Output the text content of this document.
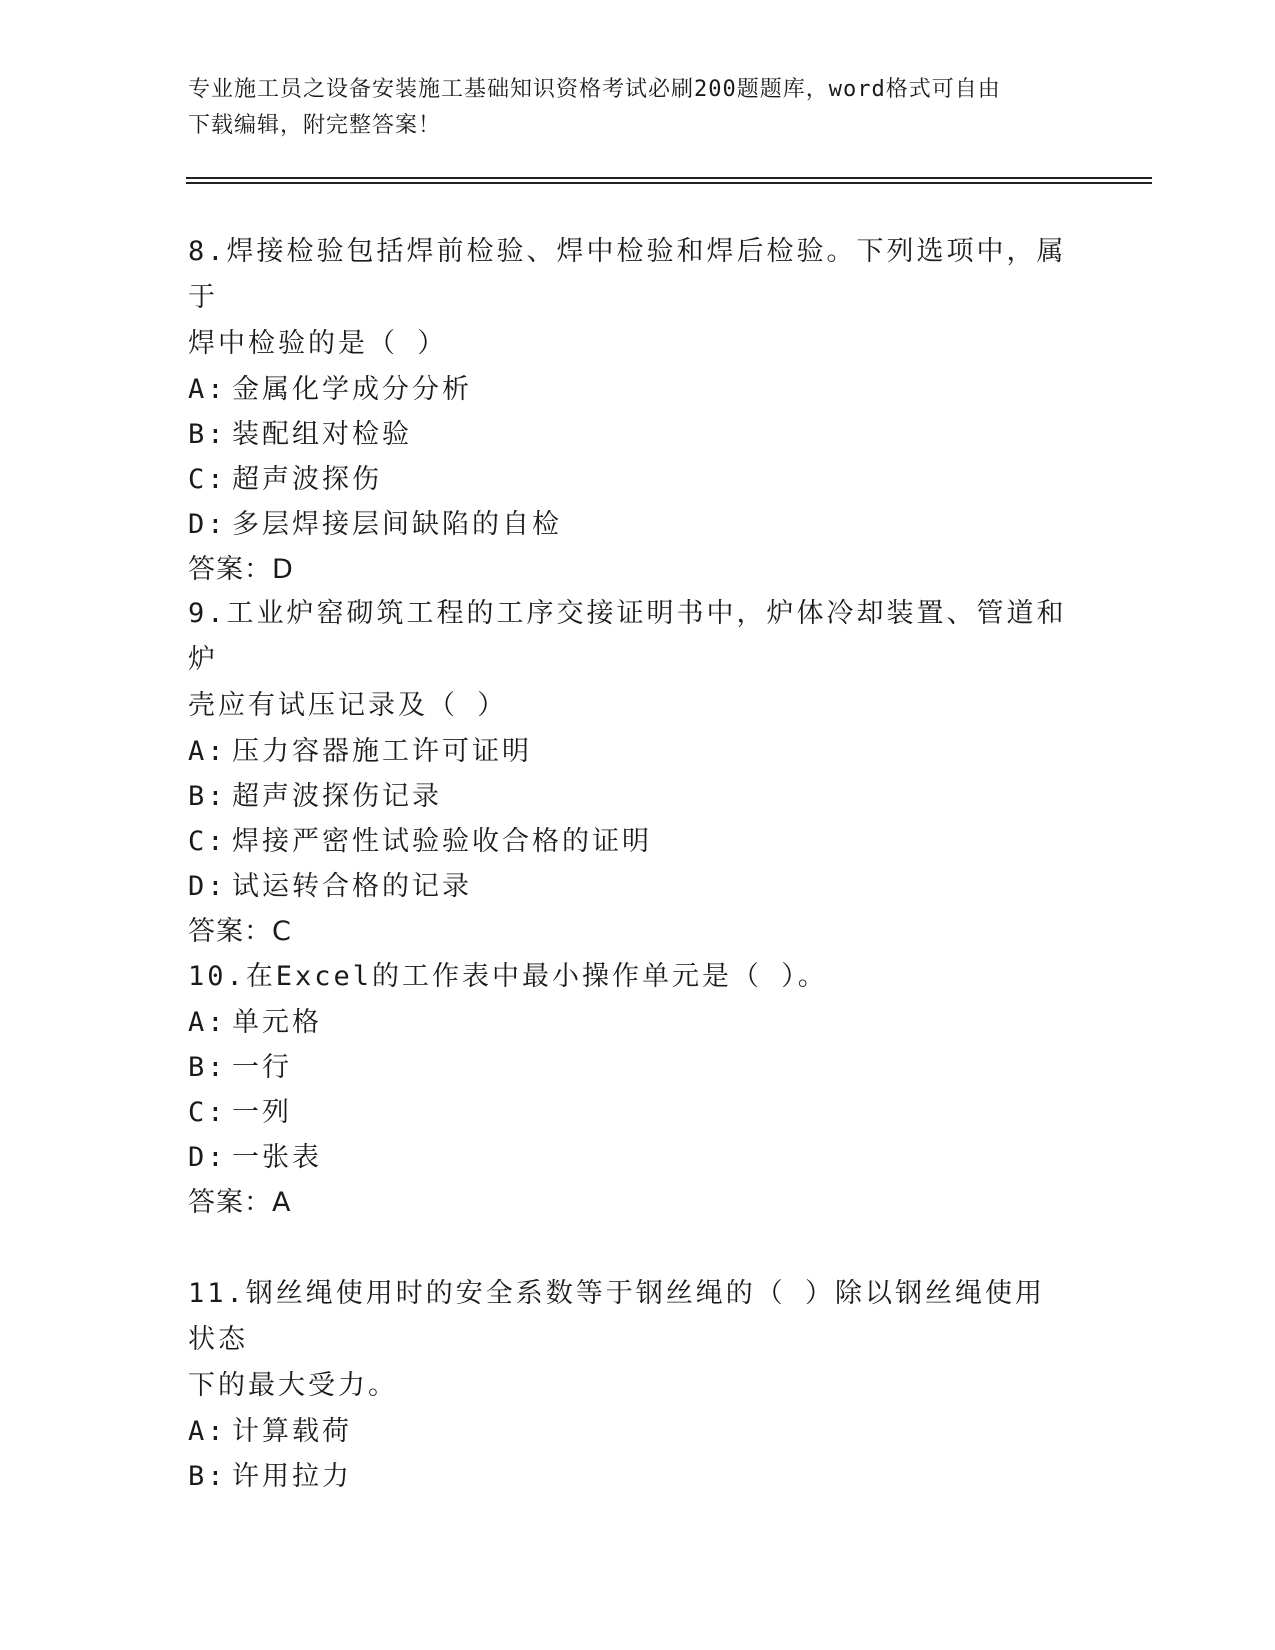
专业施工员之设备安装施工基础知识资格考试必刷200题题库，word格式可自由
下载编辑，附完整答案！
8.焊接检验包括焊前检验、焊中检验和焊后检验。下列选项中，属于
焊中检验的是（ ）
A: 金属化学成分分析
B: 装配组对检验
C: 超声波探伤
D: 多层焊接层间缺陷的自检
答案：D
9.工业炉窑砌筑工程的工序交接证明书中，炉体冷却装置、管道和炉
壳应有试压记录及（ ）
A: 压力容器施工许可证明
B: 超声波探伤记录
C: 焊接严密性试验验收合格的证明
D: 试运转合格的记录
答案：C
10.在Excel的工作表中最小操作单元是（ ）。
A: 单元格
B: 一行
C: 一列
D: 一张表
答案：A
11.钢丝绳使用时的安全系数等于钢丝绳的（ ）除以钢丝绳使用状态
下的最大受力。
A: 计算载荷
B: 许用拉力
